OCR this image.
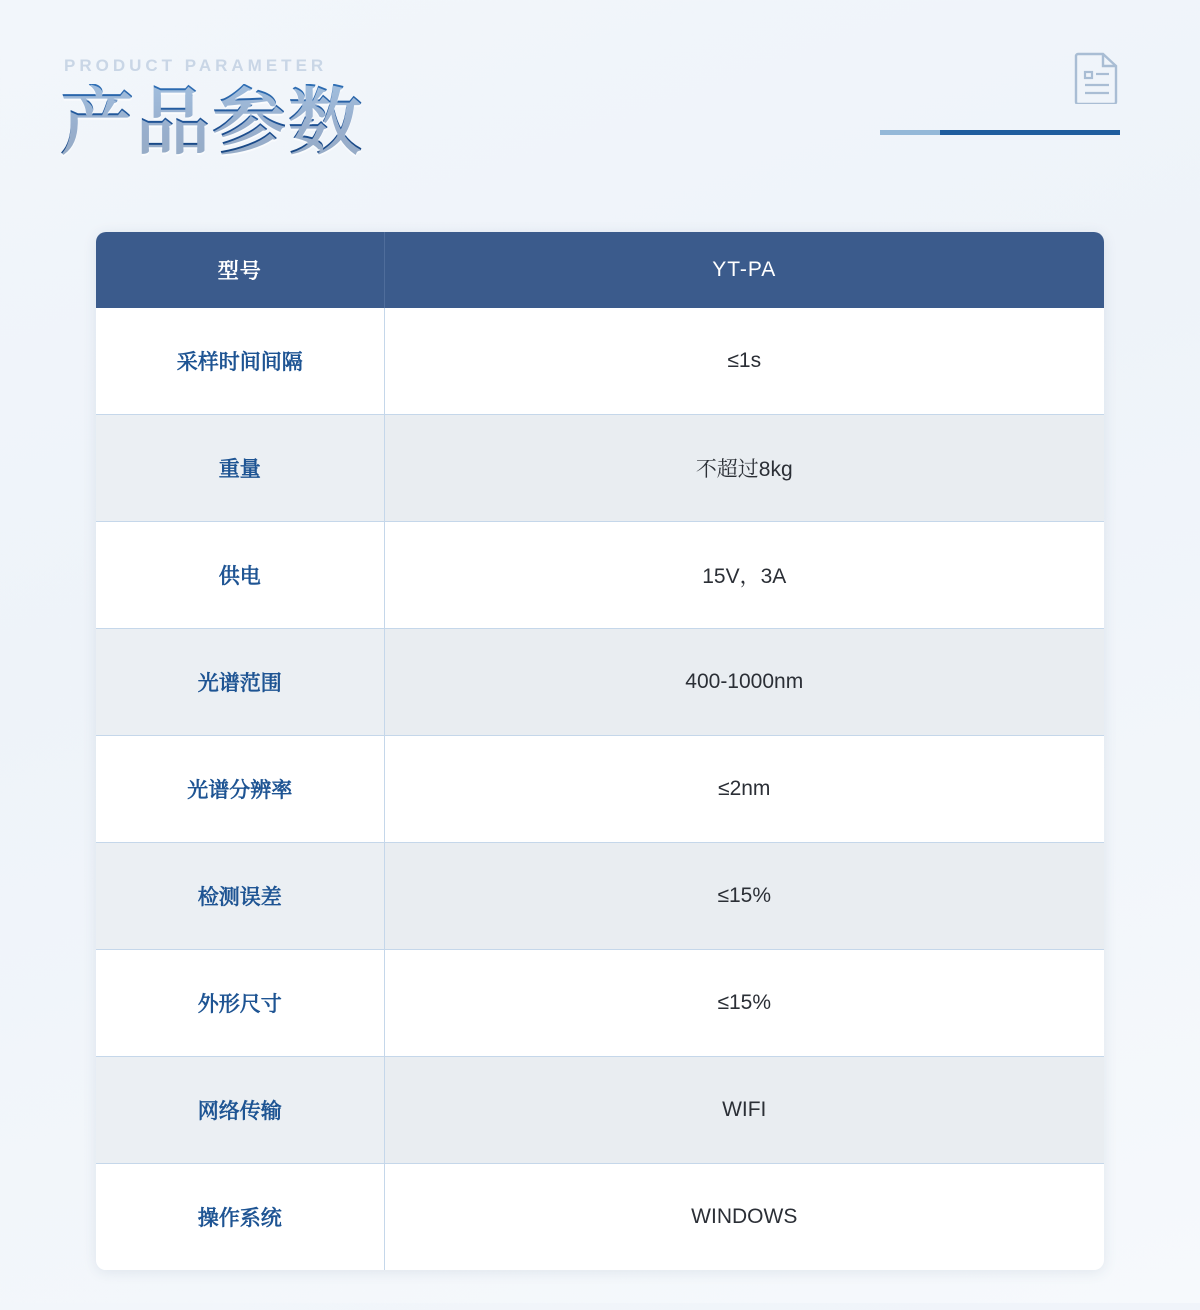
PRODUCT PARAMETER
产品参数
型号	YT-PA
采样时间间隔	≤1s
重量	不超过8kg
供电	15V，3A
光谱范围	400-1000nm
光谱分辨率	≤2nm
检测误差	≤15%
外形尺寸	≤15%
网络传输	WIFI
操作系统	WINDOWS
